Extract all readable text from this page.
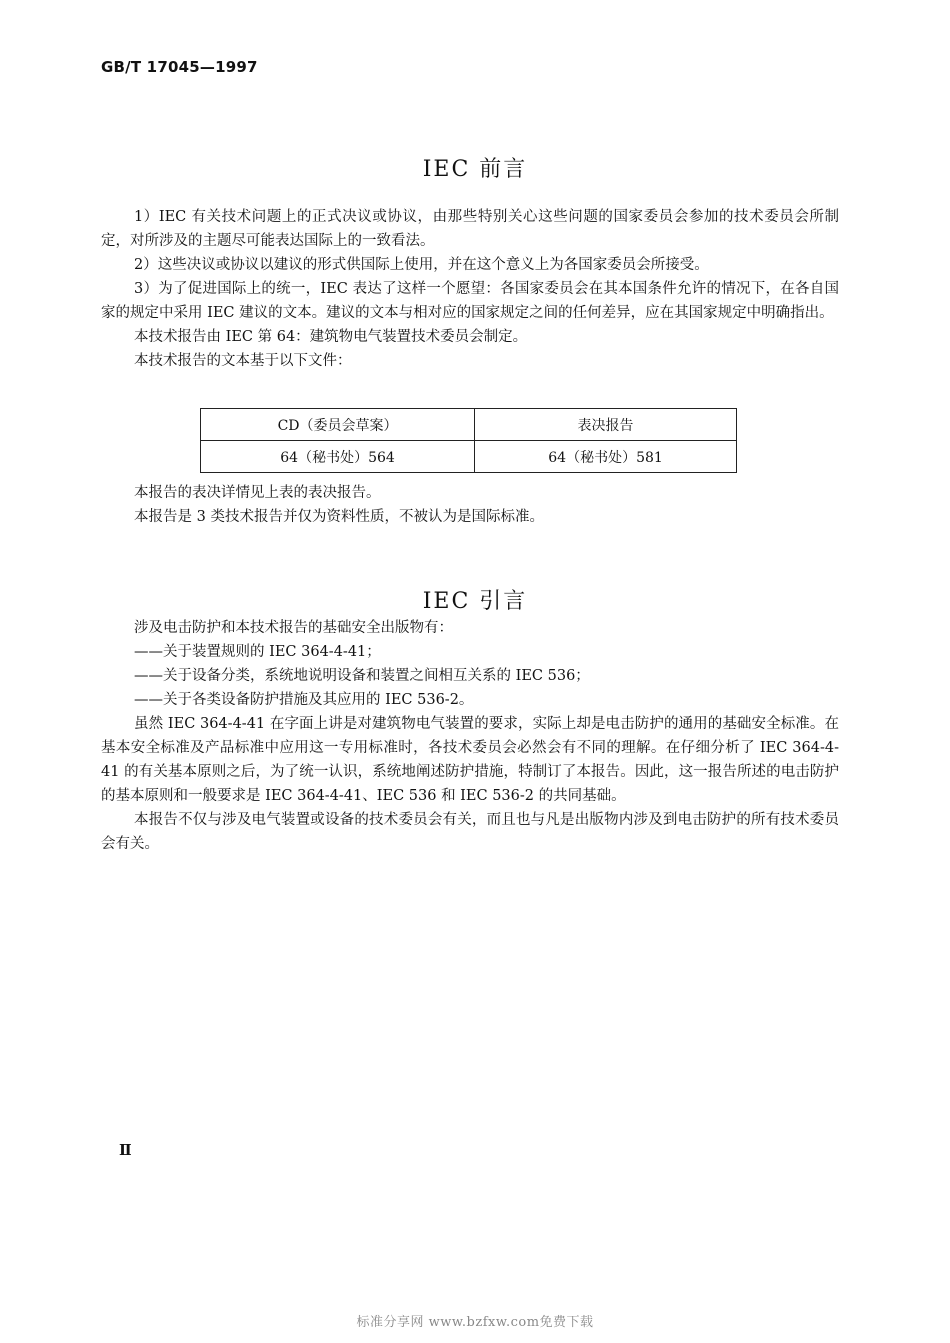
GB/T 17045—1997
IEC 前言

1）IEC 有关技术问题上的正式决议或协议，由那些特别关心这些问题的国家委员会参加的技术委员会所制定，对所涉及的主题尽可能表达国际上的一致看法。

2）这些决议或协议以建议的形式供国际上使用，并在这个意义上为各国家委员会所接受。

3）为了促进国际上的统一，IEC 表达了这样一个愿望：各国家委员会在其本国条件允许的情况下，在各自国家的规定中采用 IEC 建议的文本。建议的文本与相对应的国家规定之间的任何差异，应在其国家规定中明确指出。

本技术报告由 IEC 第 64：建筑物电气装置技术委员会制定。

本技术报告的文本基于以下文件：

CD（委员会草案）	表决报告
64（秘书处）564	64（秘书处）581

本报告的表决详情见上表的表决报告。

本报告是 3 类技术报告并仅为资料性质，不被认为是国际标准。

IEC 引言

涉及电击防护和本技术报告的基础安全出版物有：

——关于装置规则的 IEC 364-4-41；

——关于设备分类，系统地说明设备和装置之间相互关系的 IEC 536；

——关于各类设备防护措施及其应用的 IEC 536-2。

虽然 IEC 364-4-41 在字面上讲是对建筑物电气装置的要求，实际上却是电击防护的通用的基础安全标准。在基本安全标准及产品标准中应用这一专用标准时，各技术委员会必然会有不同的理解。在仔细分析了 IEC 364-4-41 的有关基本原则之后，为了统一认识，系统地阐述防护措施，特制订了本报告。因此，这一报告所述的电击防护的基本原则和一般要求是 IEC 364-4-41、IEC 536 和 IEC 536-2 的共同基础。

本报告不仅与涉及电气装置或设备的技术委员会有关，而且也与凡是出版物内涉及到电击防护的所有技术委员会有关。

Ⅱ
标准分享网 www.bzfxw.com免费下载
